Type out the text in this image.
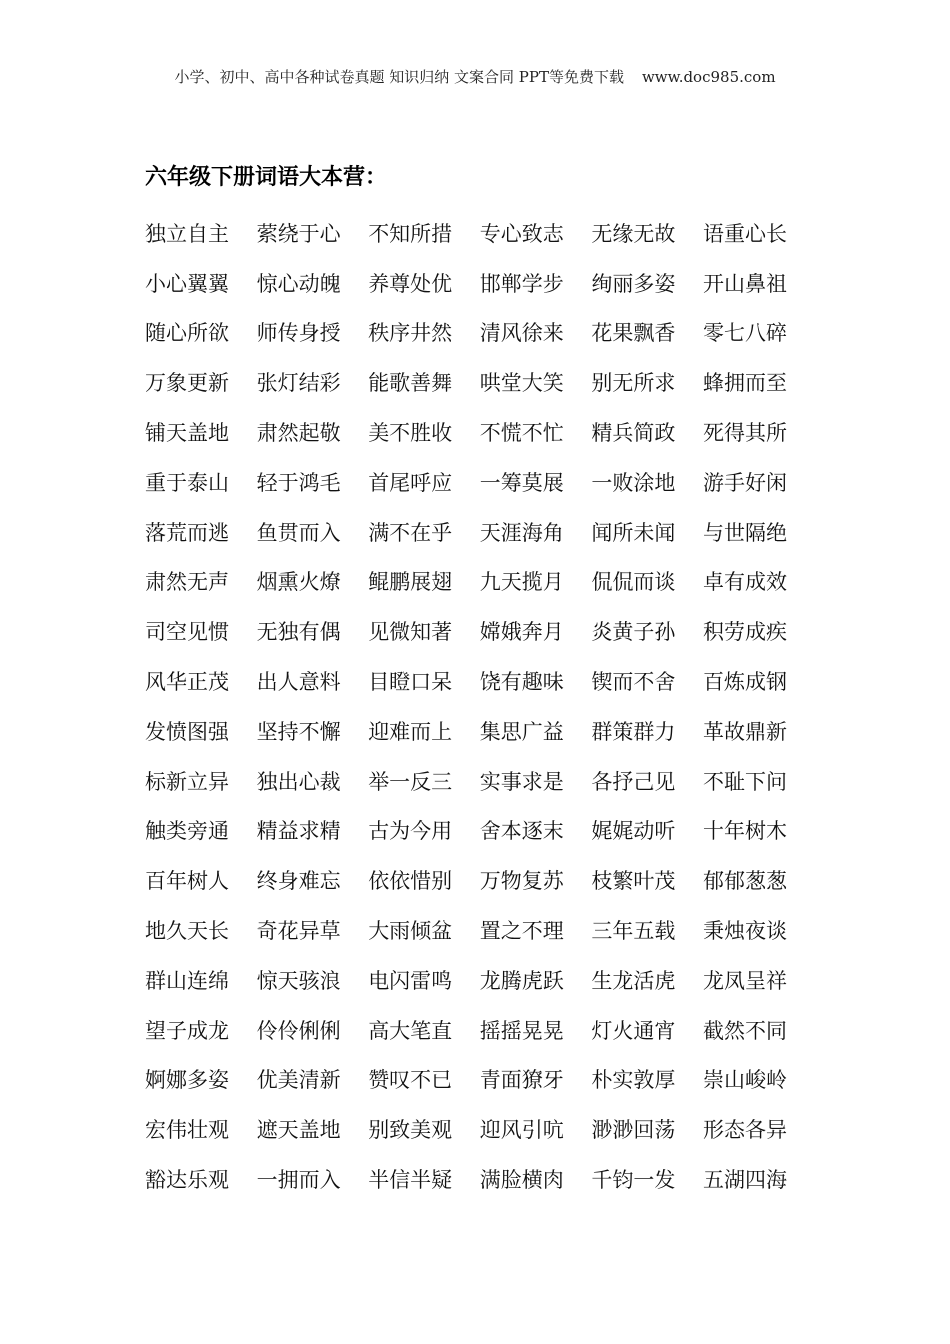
小学、初中、高中各种试卷真题 知识归纳 文案合同 PPT等免费下载 www.doc985.com
六年级下册词语大本营：
独立自主	萦绕于心	不知所措	专心致志	无缘无故	语重心长
小心翼翼	惊心动魄	养尊处优	邯郸学步	绚丽多姿	开山鼻祖
随心所欲	师传身授	秩序井然	清风徐来	花果飘香	零七八碎
万象更新	张灯结彩	能歌善舞	哄堂大笑	别无所求	蜂拥而至
铺天盖地	肃然起敬	美不胜收	不慌不忙	精兵简政	死得其所
重于泰山	轻于鸿毛	首尾呼应	一筹莫展	一败涂地	游手好闲
落荒而逃	鱼贯而入	满不在乎	天涯海角	闻所未闻	与世隔绝
肃然无声	烟熏火燎	鲲鹏展翅	九天揽月	侃侃而谈	卓有成效
司空见惯	无独有偶	见微知著	嫦娥奔月	炎黄子孙	积劳成疾
风华正茂	出人意料	目瞪口呆	饶有趣味	锲而不舍	百炼成钢
发愤图强	坚持不懈	迎难而上	集思广益	群策群力	革故鼎新
标新立异	独出心裁	举一反三	实事求是	各抒己见	不耻下问
触类旁通	精益求精	古为今用	舍本逐末	娓娓动听	十年树木
百年树人	终身难忘	依依惜别	万物复苏	枝繁叶茂	郁郁葱葱
地久天长	奇花异草	大雨倾盆	置之不理	三年五载	秉烛夜谈
群山连绵	惊天骇浪	电闪雷鸣	龙腾虎跃	生龙活虎	龙凤呈祥
望子成龙	伶伶俐俐	高大笔直	摇摇晃晃	灯火通宵	截然不同
婀娜多姿	优美清新	赞叹不已	青面獠牙	朴实敦厚	崇山峻岭
宏伟壮观	遮天盖地	别致美观	迎风引吭	渺渺回荡	形态各异
豁达乐观	一拥而入	半信半疑	满脸横肉	千钧一发	五湖四海
